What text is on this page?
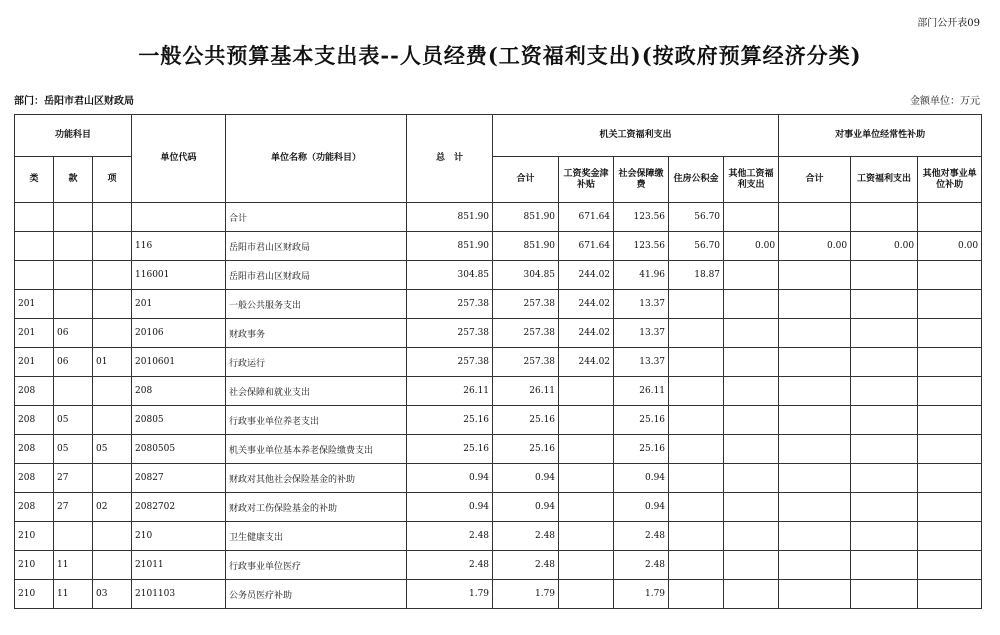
部门公开表09
一般公共预算基本支出表--人员经费(工资福利支出)(按政府预算经济分类)
部门：岳阳市君山区财政局	金额单位：万元
功能科目			单位代码	单位名称（功能科目）	总　计	机关工资福利支出					对事业单位经常性补助		
类	款	项				合计	工资奖金津补贴	社会保障缴费	住房公积金	其他工资福利支出	合计	工资福利支出	其他对事业单位补助
				合计	851.90	851.90	671.64	123.56	56.70				
			116	岳阳市君山区财政局	851.90	851.90	671.64	123.56	56.70	0.00	0.00	0.00	0.00
			116001	岳阳市君山区财政局	304.85	304.85	244.02	41.96	18.87				
201			201	一般公共服务支出	257.38	257.38	244.02	13.37					
201	06		20106	财政事务	257.38	257.38	244.02	13.37					
201	06	01	2010601	行政运行	257.38	257.38	244.02	13.37					
208			208	社会保障和就业支出	26.11	26.11		26.11					
208	05		20805	行政事业单位养老支出	25.16	25.16		25.16					
208	05	05	2080505	机关事业单位基本养老保险缴费支出	25.16	25.16		25.16					
208	27		20827	财政对其他社会保险基金的补助	0.94	0.94		0.94					
208	27	02	2082702	财政对工伤保险基金的补助	0.94	0.94		0.94					
210			210	卫生健康支出	2.48	2.48		2.48					
210	11		21011	行政事业单位医疗	2.48	2.48		2.48					
210	11	03	2101103	公务员医疗补助	1.79	1.79		1.79					
